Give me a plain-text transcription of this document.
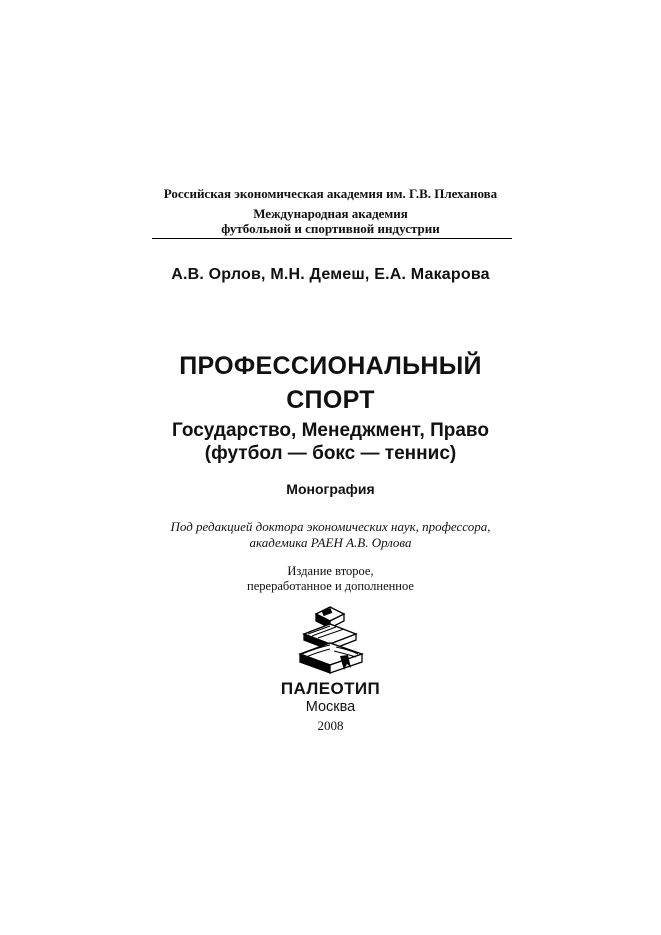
Российская экономическая академия им. Г.В. Плеханова
Международная академия
футбольной и спортивной индустрии
А.В. Орлов, М.Н. Демеш, Е.А. Макарова
ПРОФЕССИОНАЛЬНЫЙ
СПОРТ
Государство, Менеджмент, Право
(футбол — бокс — теннис)
Монография
Под редакцией доктора экономических наук, профессора,
академика РАЕН А.В. Орлова
Издание второе,
переработанное и дополненное
ПАЛЕОТИП
Москва
2008
